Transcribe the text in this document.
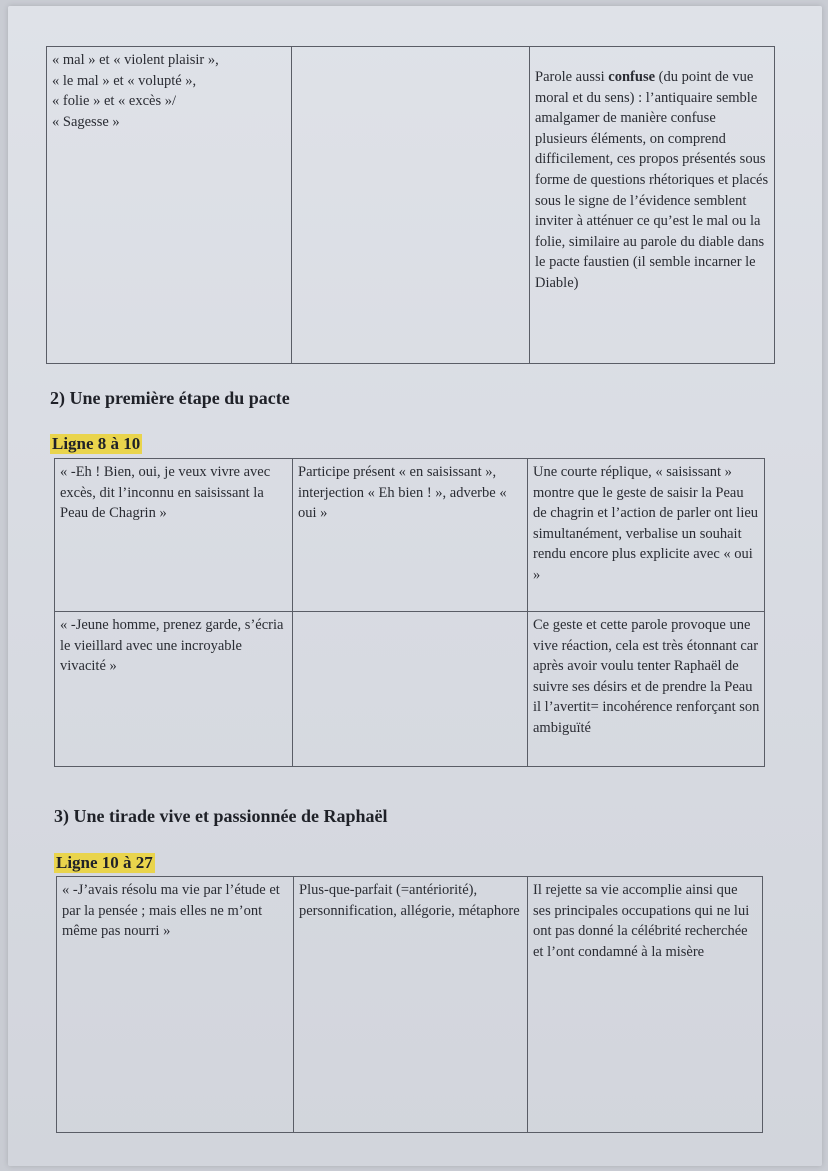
« mal » et « violent plaisir »,
« le mal » et « volupté »,
« folie » et « excès »/
« Sagesse »		Parole aussi confuse (du point de vue moral et du sens) : l’antiquaire semble amalgamer de manière confuse plusieurs éléments, on comprend difficilement, ces propos présentés sous forme de questions rhétoriques et placés sous le signe de l’évidence semblent inviter à atténuer ce qu’est le mal ou la folie, similaire au parole du diable dans le pacte faustien (il semble incarner le Diable)
2) Une première étape du pacte
Ligne 8 à 10
« -Eh ! Bien, oui, je veux vivre avec excès, dit l’inconnu en saisissant la Peau de Chagrin »	Participe présent « en saisissant », interjection « Eh bien ! », adverbe « oui »	Une courte réplique, « saisissant » montre que le geste de saisir la Peau de chagrin et l’action de parler ont lieu simultanément, verbalise un souhait rendu encore plus explicite avec « oui »
« -Jeune homme, prenez garde, s’écria le vieillard avec une incroyable vivacité »		Ce geste et cette parole provoque une vive réaction, cela est très étonnant car après avoir voulu tenter Raphaël de suivre ses désirs et de prendre la Peau il l’avertit= incohérence renforçant son ambiguïté
3) Une tirade vive et passionnée de Raphaël
Ligne 10 à 27
« -J’avais résolu ma vie par l’étude et par la pensée ; mais elles ne m’ont même pas nourri »	Plus-que-parfait (=antériorité), personnification, allégorie, métaphore	Il rejette sa vie accomplie ainsi que ses principales occupations qui ne lui ont pas donné la célébrité recherchée et l’ont condamné à la misère
